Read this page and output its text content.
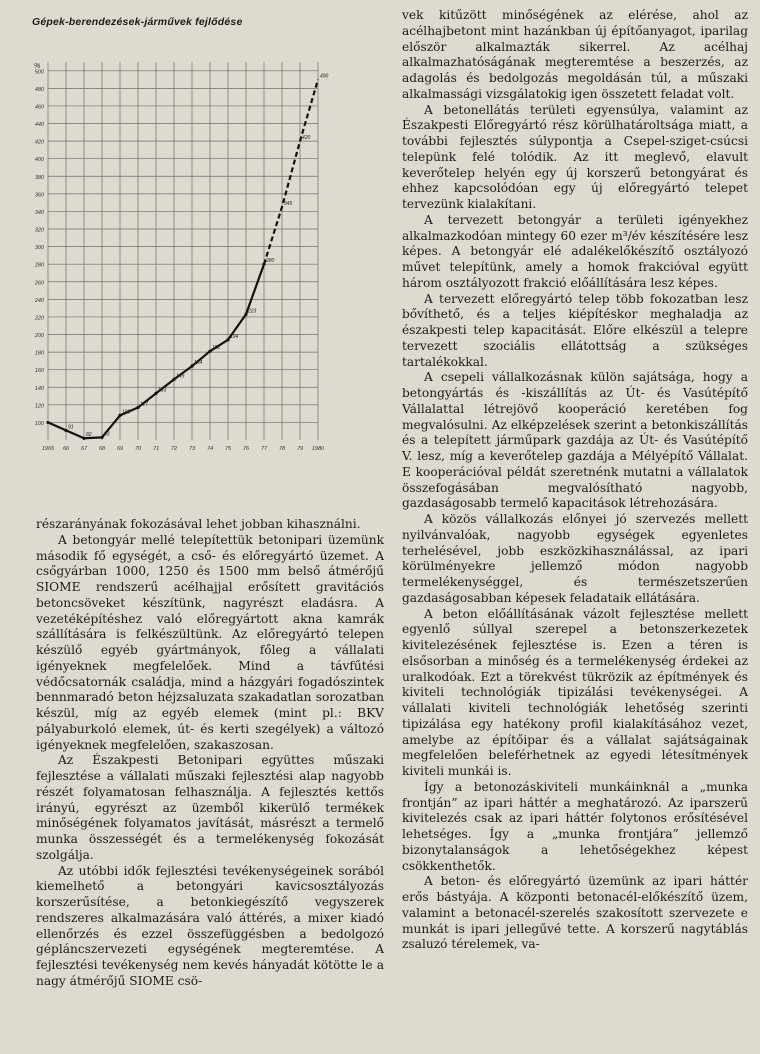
Gépek-berendezések-járművek fejlődése
100
120
140
160
180
200
220
240
260
280
300
320
340
360
380
400
420
440
460
480
500
1965 66 67 68 69 70 71 72 73 74 75 76 77 78 79 1980
%
91
82 83
108
117
133
149
164
181
194
223
280
345
420
490

részarányának fokozásával lehet jobban kihasználni.

A betongyár mellé telepítettük betonipari üzemünk második fő egységét, a cső- és előregyártó üzemet. A csőgyárban 1000, 1250 és 1500 mm belső átmérőjű SIOME rendszerű acélhajjal erősített gravitációs betoncsöveket készítünk, nagyrészt eladásra. A vezetéképítéshez való előregyártott akna kamrák szállítására is felkészültünk. Az előregyártó telepen készülő egyéb gyártmányok, főleg a vállalati igényeknek megfelelőek. Mind a távfűtési védőcsatornák családja, mind a házgyári fogadószintek bennmaradó beton héjzsaluzata szakadatlan sorozatban készül, míg az egyéb elemek (mint pl.: BKV pályaburkoló elemek, út- és kerti szegélyek) a változó igényeknek megfelelően, szakaszosan.

Az Északpesti Betonipari együttes műszaki fejlesztése a vállalati műszaki fejlesztési alap nagyobb részét folyamatosan felhasználja. A fejlesztés kettős irányú, egyrészt az üzemből kikerülő termékek minőségének folyamatos javítását, másrészt a termelő munka összességét és a termelékenység fokozását szolgálja.

Az utóbbi idők fejlesztési tevékenységeinek sorából kiemelhető a betongyári kavicsosztályozás korszerűsítése, a betonkiegészítő vegyszerek rendszeres alkalmazására való áttérés, a mixer kiadó ellenőrzés és ezzel összefüggésben a bedolgozó gépláncszervezeti egységének megteremtése. A fejlesztési tevékenység nem kevés hányadát kötötte le a nagy átmérőjű SIOME csö-

vek kitűzött minőségének az elérése, ahol az acélhajbetont mint hazánkban új építőanyagot, iparilag először alkalmazták sikerrel. Az acélhaj alkalmazhatóságának megteremtése a beszerzés, az adagolás és bedolgozás megoldásán túl, a műszaki alkalmassági vizsgálatokig igen összetett feladat volt.

A betonellátás területi egyensúlya, valamint az Északpesti Előregyártó rész körülhatároltsága miatt, a további fejlesztés súlypontja a Csepel-sziget-csúcsi telepünk felé tolódik. Az itt meglevő, elavult keverőtelep helyén egy új korszerű betongyárat és ehhez kapcsolódóan egy új előregyártó telepet tervezünk kialakítani.

A tervezett betongyár a területi igényekhez alkalmazkodóan mintegy 60 ezer m³/év készítésére lesz képes. A betongyár elé adalékelőkészítő osztályozó művet telepítünk, amely a homok frakcióval együtt három osztályozott frakció előállítására lesz képes.

A tervezett előregyártó telep több fokozatban lesz bővíthető, és a teljes kiépítéskor meghaladja az északpesti telep kapacitását. Előre elkészül a telepre tervezett szociális ellátottság a szükséges tartalékokkal.

A csepeli vállalkozásnak külön sajátsága, hogy a betongyártás és -kiszállítás az Út- és Vasútépítő Vállalattal létrejövő kooperáció keretében fog megvalósulni. Az elképzelések szerint a betonkiszállítás és a telepített járműpark gazdája az Út- és Vasútépítő V. lesz, míg a keverőtelep gazdája a Mélyépítő Vállalat. E kooperációval példát szeretnénk mutatni a vállalatok összefogásában megvalósítható nagyobb, gazdaságosabb termelő kapacitások létrehozására.

A közös vállalkozás előnyei jó szervezés mellett nyilvánvalóak, nagyobb egységek egyenletes terhelésével, jobb eszközkihasználással, az ipari körülményekre jellemző módon nagyobb termelékenységgel, és természetszerűen gazdaságosabban képesek feladataik ellátására.

A beton előállításának vázolt fejlesztése mellett egyenlő súllyal szerepel a betonszerkezetek kivitelezésének fejlesztése is. Ezen a téren is elsősorban a minőség és a termelékenység érdekei az uralkodóak. Ezt a törekvést tükrözik az építmények és kiviteli technológiák tipizálási tevékenységei. A vállalati kiviteli technológiák lehetőség szerinti tipizálása egy hatékony profil kialakításához vezet, amelybe az építőipar és a vállalat sajátságainak megfelelően beleférhetnek az egyedi létesítmények kiviteli munkái is.

Így a betonozáskiviteli munkáinknál a „munka frontján” az ipari háttér a meghatározó. Az iparszerű kivitelezés csak az ipari háttér folytonos erősítésével lehetséges. Így a „munka frontjára” jellemző bizonytalanságok a lehetőségekhez képest csökkenthetők.

A beton- és előregyártó üzemünk az ipari háttér erős bástyája. A központi betonacél-előkészítő üzem, valamint a betonacél-szerelés szakosított szervezete e munkát is ipari jellegűvé tette. A korszerű nagytáblás zsaluzó térelemek, va-
